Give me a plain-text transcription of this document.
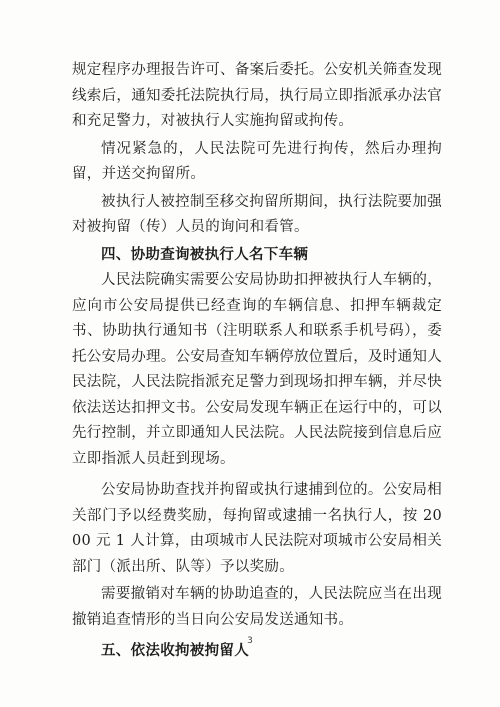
规定程序办理报告许可、备案后委托。公安机关筛查发现线索后，通知委托法院执行局，执行局立即指派承办法官和充足警力，对被执行人实施拘留或拘传。

情况紧急的，人民法院可先进行拘传，然后办理拘留，并送交拘留所。

被执行人被控制至移交拘留所期间，执行法院要加强对被拘留（传）人员的询问和看管。

四、协助查询被执行人名下车辆

人民法院确实需要公安局协助扣押被执行人车辆的，应向市公安局提供已经查询的车辆信息、扣押车辆裁定书、协助执行通知书（注明联系人和联系手机号码），委托公安局办理。公安局查知车辆停放位置后，及时通知人民法院，人民法院指派充足警力到现场扣押车辆，并尽快依法送达扣押文书。公安局发现车辆正在运行中的，可以先行控制，并立即通知人民法院。人民法院接到信息后应立即指派人员赶到现场。

公安局协助查找并拘留或执行逮捕到位的。公安局相关部门予以经费奖励，每拘留或逮捕一名执行人，按 2000 元 1 人计算，由项城市人民法院对项城市公安局相关部门（派出所、队等）予以奖励。

需要撤销对车辆的协助追查的，人民法院应当在出现撤销追查情形的当日向公安局发送通知书。

五、依法收拘被拘留人

3
